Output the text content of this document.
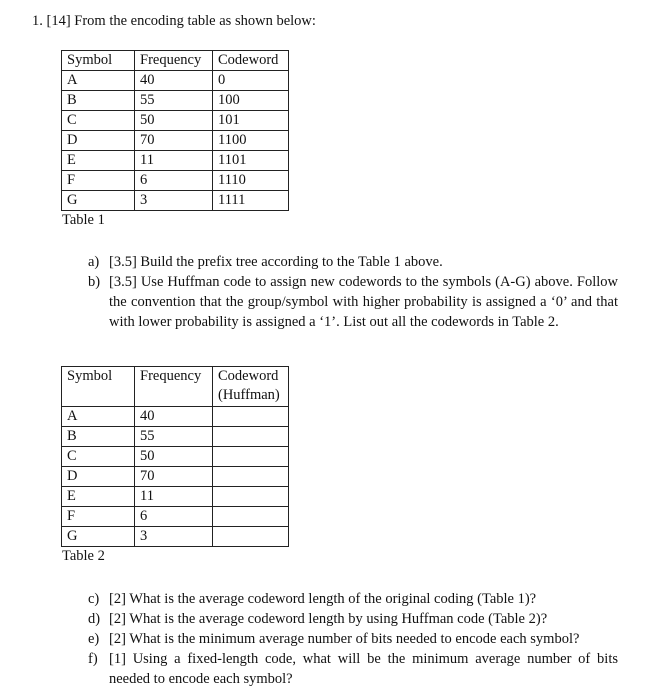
1. [14] From the encoding table as shown below:
Symbol	Frequency	Codeword
A	40	0
B	55	100
C	50	101
D	70	1100
E	11	1101
F	6	1110
G	3	1111
Table 1
a) [3.5] Build the prefix tree according to the Table 1 above.
b) [3.5] Use Huffman code to assign new codewords to the symbols (A-G) above. Follow the convention that the group/symbol with higher probability is assigned a ‘0’ and that with lower probability is assigned a ‘1’. List out all the codewords in Table 2.
Symbol	Frequency	Codeword
(Huffman)
A	40	
B	55	
C	50	
D	70	
E	11	
F	6	
G	3	
Table 2
c) [2] What is the average codeword length of the original coding (Table 1)?
d) [2] What is the average codeword length by using Huffman code (Table 2)?
e) [2] What is the minimum average number of bits needed to encode each symbol?
f) [1] Using a fixed-length code, what will be the minimum average number of bits needed to encode each symbol?
